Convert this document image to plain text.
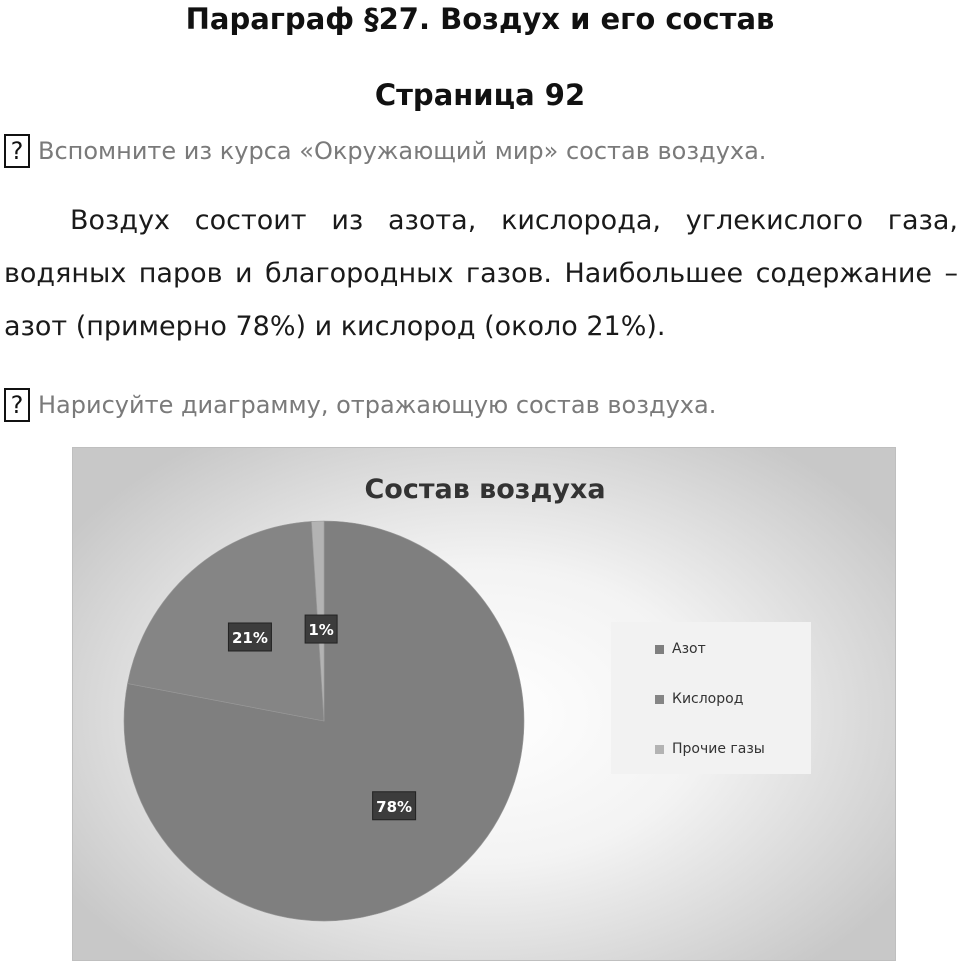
Параграф §27. Воздух и его состав
Страница 92
? Вспомните из курса «Окружающий мир» состав воздуха.

Воздух состоит из азота, кислорода, углекислого газа, водяных паров и благородных газов. Наибольшее содержание – азот (примерно 78%) и кислород (около 21%).

? Нарисуйте диаграмму, отражающую состав воздуха.
Состав воздуха
78%
21%	1%
Азот
Кислород
Прочие газы
